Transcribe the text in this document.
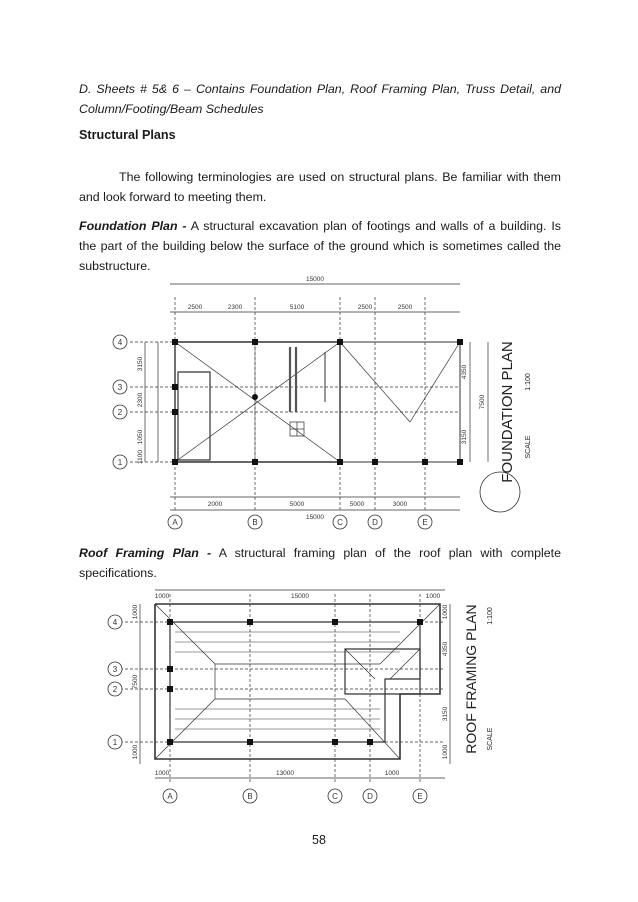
D. Sheets # 5& 6 – Contains Foundation Plan, Roof Framing Plan, Truss Detail, and Column/Footing/Beam Schedules
Structural Plans
The following terminologies are used on structural plans. Be familiar with them and look forward to meeting them.
Foundation Plan - A structural excavation plan of footings and walls of a building. Is the part of the building below the surface of the ground which is sometimes called the substructure.
15000
2500	2300	5100	2500	2500
2000	5000	5000	3000
15000
4350
7500
3150
3150
2300
1050
1100
A	B	C	D	E
1
2
3
4	FOUNDATION PLAN SCALE
1:100
Roof Framing Plan - A structural framing plan of the roof plan with complete specifications.
1000	15000	1000
1000	13000	1000
1000
4350
3150
1000
1000
7500
1000
A	B	C	D	E
1
2
3
4	ROOF FRAMING PLAN SCALE
1:100
58
